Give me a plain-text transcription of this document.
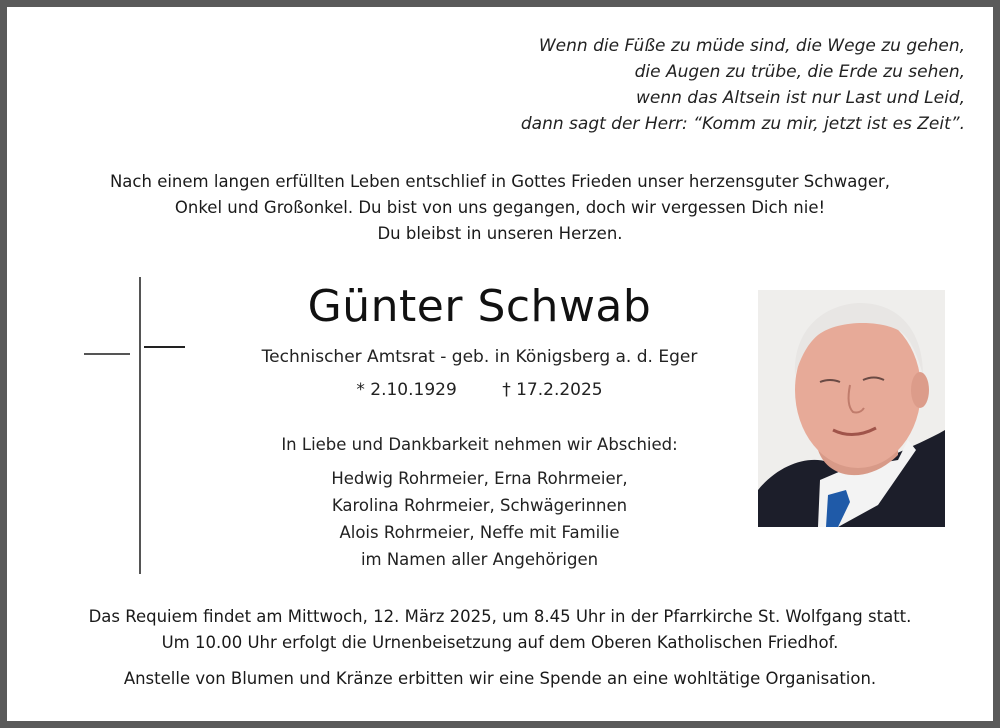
Wenn die Füße zu müde sind, die Wege zu gehen,
die Augen zu trübe, die Erde zu sehen,
wenn das Altsein ist nur Last und Leid,
dann sagt der Herr: “Komm zu mir, jetzt ist es Zeit”.
Nach einem langen erfüllten Leben entschlief in Gottes Frieden unser herzensguter Schwager,
Onkel und Großonkel. Du bist von uns gegangen, doch wir vergessen Dich nie!
Du bleibst in unseren Herzen.
Günter Schwab
Technischer Amtsrat - geb. in Königsberg a. d. Eger
* 2.10.1929	† 17.2.2025
In Liebe und Dankbarkeit nehmen wir Abschied:
Hedwig Rohrmeier, Erna Rohrmeier,
Karolina Rohrmeier, Schwägerinnen
Alois Rohrmeier, Neffe mit Familie
im Namen aller Angehörigen
Das Requiem findet am Mittwoch, 12. März 2025, um 8.45 Uhr in der Pfarrkirche St. Wolfgang statt.
Um 10.00 Uhr erfolgt die Urnenbeisetzung auf dem Oberen Katholischen Friedhof.
Anstelle von Blumen und Kränze erbitten wir eine Spende an eine wohltätige Organisation.
